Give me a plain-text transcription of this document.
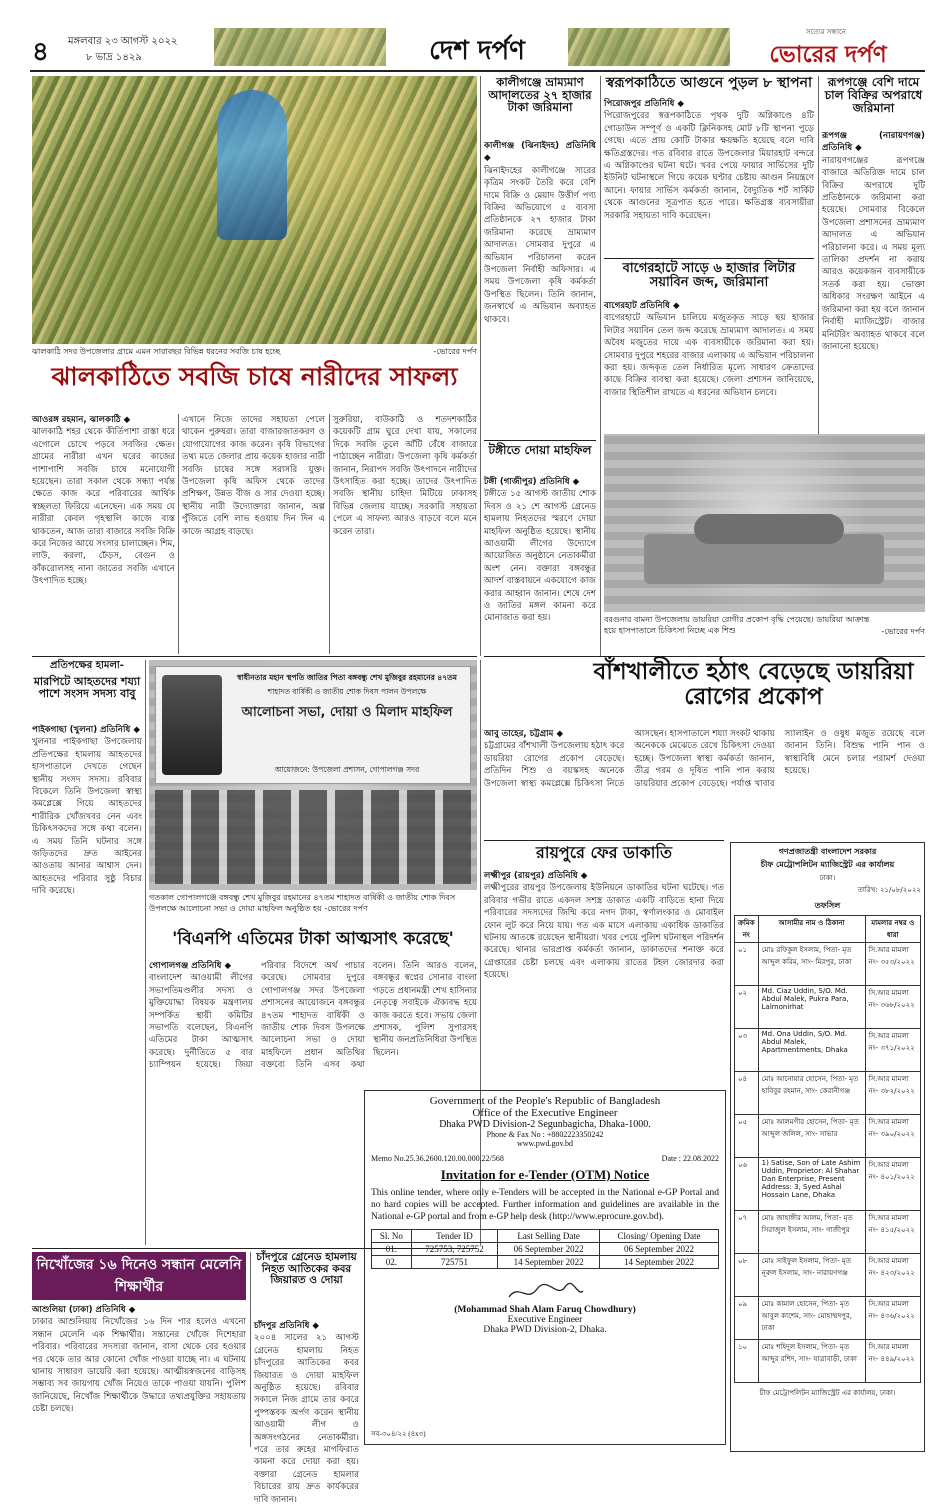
৪	মঙ্গলবার ২৩ আগস্ট ২০২২
৮ ভাদ্র ১৪২৯	দেশ দর্পণ
সত্যের সন্ধানে
ভোরের দর্পণ
ঝালকাঠি সদর উপজেলার গ্রামে এমন সারাবছর বিভিন্ন ধরনের সবজি চাষ হচ্ছে	-ভোরের দর্পণ
ঝালকাঠিতে সবজি চাষে নারীদের সাফল্য
আওরঙ্গ রহমান, ঝালকাঠি ◆
ঝালকাঠি শহর থেকে কীর্তিপাশা রাস্তা ধরে এগোলে চোখে পড়বে সবজির ক্ষেত। গ্রামের নারীরা এখন ঘরের কাজের পাশাপাশি সবজি চাষে মনোযোগী হয়েছেন। তারা সকাল থেকে সন্ধ্যা পর্যন্ত ক্ষেতে কাজ করে পরিবারের আর্থিক স্বচ্ছলতা ফিরিয়ে এনেছেন। এক সময় যে নারীরা কেবল গৃহস্থালি কাজে ব্যস্ত থাকতেন, আজ তারা বাজারে সবজি বিক্রি করে নিজের আয়ে সংসার চালাচ্ছেন। শিম, লাউ, করলা, ঢেঁড়স, বেগুন ও কাঁকরোলসহ নানা জাতের সবজি এখানে উৎপাদিত হচ্ছে।
এখানে নিজে তাদের সহায়তা পেলে থাকেন পুরুষরা। তারা বাজারজাতকরণ ও যোগাযোগের কাজ করেন। কৃষি বিভাগের তথ্য মতে জেলার প্রায় কয়েক হাজার নারী সবজি চাষের সঙ্গে সরাসরি যুক্ত। উপজেলা কৃষি অফিস থেকে তাদের প্রশিক্ষণ, উন্নত বীজ ও সার দেওয়া হচ্ছে। স্থানীয় নারী উদ্যোক্তারা জানান, অল্প পুঁজিতে বেশি লাভ হওয়ায় দিন দিন এ কাজে আগ্রহ বাড়ছে।
সুরুরিয়া, বাউকাঠি ও শতদশকাঠির কয়েকটি গ্রাম ঘুরে দেখা যায়, সকালের দিকে সবজি তুলে আঁটি বেঁধে বাজারে পাঠাচ্ছেন নারীরা। উপজেলা কৃষি কর্মকর্তা জানান, নিরাপদ সবজি উৎপাদনে নারীদের উৎসাহিত করা হচ্ছে। তাদের উৎপাদিত সবজি স্থানীয় চাহিদা মিটিয়ে ঢাকাসহ বিভিন্ন জেলায় যাচ্ছে। সরকারি সহায়তা পেলে এ সাফল্য আরও বাড়বে বলে মনে করেন তারা।
কালীগঞ্জে ভ্রাম্যমাণ আদালতের ২৭ হাজার টাকা জরিমানা
কালীগঞ্জ (ঝিনাইদহ) প্রতিনিধি ◆
ঝিনাইদহের কালীগঞ্জে সারের কৃত্রিম সংকট তৈরি করে বেশি দামে বিক্রি ও মেয়াদ উত্তীর্ণ পণ্য বিক্রির অভিযোগে ৫ ব্যবসা প্রতিষ্ঠানকে ২৭ হাজার টাকা জরিমানা করেছে ভ্রাম্যমাণ আদালত। সোমবার দুপুরে এ অভিযান পরিচালনা করেন উপজেলা নির্বাহী অফিসার। এ সময় উপজেলা কৃষি কর্মকর্তা উপস্থিত ছিলেন। তিনি জানান, জনস্বার্থে এ অভিযান অব্যাহত থাকবে।
টঙ্গীতে দোয়া মাহফিল
টঙ্গী (গাজীপুর) প্রতিনিধি ◆
টঙ্গীতে ১৫ আগস্ট জাতীয় শোক দিবস ও ২১ শে আগস্ট গ্রেনেড হামলায় নিহতদের স্মরণে দোয়া মাহফিল অনুষ্ঠিত হয়েছে। স্থানীয় আওয়ামী লীগের উদ্যোগে আয়োজিত অনুষ্ঠানে নেতাকর্মীরা অংশ নেন। বক্তারা বঙ্গবন্ধুর আদর্শ বাস্তবায়নে একযোগে কাজ করার আহ্বান জানান। শেষে দেশ ও জাতির মঙ্গল কামনা করে মোনাজাত করা হয়।
স্বরূপকাঠিতে আগুনে পুড়ল ৮ স্থাপনা
পিরোজপুর প্রতিনিধি ◆
পিরোজপুরের স্বরূপকাঠিতে পৃথক দুটি অগ্নিকাণ্ডে ৪টি গোডাউন সম্পূর্ণ ও একটি ক্লিনিকসহ মোট ৮টি স্থাপনা পুড়ে গেছে। এতে প্রায় কোটি টাকার ক্ষয়ক্ষতি হয়েছে বলে দাবি ক্ষতিগ্রস্তদের। গত রবিবার রাতে উপজেলার মিয়ারহাট বন্দরে এ অগ্নিকাণ্ডের ঘটনা ঘটে। খবর পেয়ে ফায়ার সার্ভিসের দুটি ইউনিট ঘটনাস্থলে গিয়ে কয়েক ঘণ্টার চেষ্টায় আগুন নিয়ন্ত্রণে আনে। ফায়ার সার্ভিস কর্মকর্তা জানান, বৈদ্যুতিক শর্ট সার্কিট থেকে আগুনের সূত্রপাত হতে পারে। ক্ষতিগ্রস্ত ব্যবসায়ীরা সরকারি সহায়তা দাবি করেছেন।
বাগেরহাটে সাড়ে ৬ হাজার লিটার সয়াবিন জব্দ, জরিমানা
বাগেরহাট প্রতিনিধি ◆
বাগেরহাটে অভিযান চালিয়ে মজুতকৃত সাড়ে ছয় হাজার লিটার সয়াবিন তেল জব্দ করেছে ভ্রাম্যমাণ আদালত। এ সময় অবৈধ মজুতের দায়ে এক ব্যবসায়ীকে জরিমানা করা হয়। সোমবার দুপুরে শহরের বাজার এলাকায় এ অভিযান পরিচালনা করা হয়। জব্দকৃত তেল নির্ধারিত মূল্যে সাধারণ ক্রেতাদের কাছে বিক্রির ব্যবস্থা করা হয়েছে। জেলা প্রশাসন জানিয়েছে, বাজার স্থিতিশীল রাখতে এ ধরনের অভিযান চলবে।
রূপগঞ্জে বেশি দামে চাল বিক্রির অপরাধে জরিমানা
রূপগঞ্জ (নারায়ণগঞ্জ) প্রতিনিধি ◆
নারায়ণগঞ্জের রূপগঞ্জে বাজারে অতিরিক্ত দামে চাল বিক্রির অপরাধে দুটি প্রতিষ্ঠানকে জরিমানা করা হয়েছে। সোমবার বিকেলে উপজেলা প্রশাসনের ভ্রাম্যমাণ আদালত এ অভিযান পরিচালনা করে। এ সময় মূল্য তালিকা প্রদর্শন না করায় আরও কয়েকজন ব্যবসায়ীকে সতর্ক করা হয়। ভোক্তা অধিকার সংরক্ষণ আইনে এ জরিমানা করা হয় বলে জানান নির্বাহী ম্যাজিস্ট্রেট। বাজার মনিটরিং অব্যাহত থাকবে বলে জানানো হয়েছে।
বরগুনার বামনা উপজেলায় ডায়রিয়া রোগীর প্রকোপ বৃদ্ধি পেয়েছে। ডায়রিয়া আক্রান্ত হয়ে হাসপাতালে চিকিৎসা নিচ্ছে এক শিশু	-ভোরের দর্পণ
বাঁশখালীতে হঠাৎ বেড়েছে ডায়রিয়া রোগের প্রকোপ
আবু তাহের, চট্টগ্রাম ◆
চট্টগ্রামের বাঁশখালী উপজেলায় হঠাৎ করে ডায়রিয়া রোগের প্রকোপ বেড়েছে। প্রতিদিন শিশু ও বয়স্কসহ অনেকে উপজেলা স্বাস্থ্য কমপ্লেক্সে চিকিৎসা নিতে আসছেন। হাসপাতালে শয্যা সংকট থাকায় অনেককে মেঝেতে রেখে চিকিৎসা দেওয়া হচ্ছে। উপজেলা স্বাস্থ্য কর্মকর্তা জানান, তীব্র গরম ও দূষিত পানি পান করায় ডায়রিয়ার প্রকোপ বেড়েছে। পর্যাপ্ত খাবার স্যালাইন ও ওষুধ মজুত রয়েছে বলে জানান তিনি। বিশুদ্ধ পানি পান ও স্বাস্থ্যবিধি মেনে চলার পরামর্শ দেওয়া হয়েছে।
প্রতিপক্ষের হামলা-
মারপিটে আহতদের শয্যা পাশে সংসদ সদস্য বাবু
পাইকগাছা (খুলনা) প্রতিনিধি ◆
খুলনার পাইকগাছা উপজেলায় প্রতিপক্ষের হামলায় আহতদের হাসপাতালে দেখতে গেছেন স্থানীয় সংসদ সদস্য। রবিবার বিকেলে তিনি উপজেলা স্বাস্থ্য কমপ্লেক্সে গিয়ে আহতদের শারীরিক খোঁজখবর নেন এবং চিকিৎসকদের সঙ্গে কথা বলেন। এ সময় তিনি ঘটনার সঙ্গে জড়িতদের দ্রুত আইনের আওতায় আনার আশ্বাস দেন। আহতদের পরিবার সুষ্ঠু বিচার দাবি করেছে।
স্বাধীনতার মহান স্থপতি জাতির পিতা বঙ্গবন্ধু শেখ মুজিবুর রহমানের ৪৭তম
শাহাদত বার্ষিকী ও জাতীয় শোক দিবস পালন উপলক্ষে
আলোচনা সভা, দোয়া ও মিলাদ মাহফিল
আয়োজনে: উপজেলা প্রশাসন, গোপালগঞ্জ সদর
গতকাল গোপালগঞ্জে বঙ্গবন্ধু শেখ মুজিবুর রহমানের ৪৭তম শাহাদত বার্ষিকী ও জাতীয় শোক দিবস উপলক্ষে আলোচনা সভা ও দোয়া মাহফিল অনুষ্ঠিত হয় -ভোরের দর্পণ
'বিএনপি এতিমের টাকা আত্মসাৎ করেছে'
গোপালগঞ্জ প্রতিনিধি ◆
বাংলাদেশ আওয়ামী লীগের সভাপতিমণ্ডলীর সদস্য ও মুক্তিযোদ্ধা বিষয়ক মন্ত্রণালয় সম্পর্কিত স্থায়ী কমিটির সভাপতি বলেছেন, বিএনপি এতিমের টাকা আত্মসাৎ করেছে। দুর্নীতিতে ৫ বার চ্যাম্পিয়ন হয়েছে। জিয়া পরিবার বিদেশে অর্থ পাচার করেছে। সোমবার দুপুরে গোপালগঞ্জ সদর উপজেলা প্রশাসনের আয়োজনে বঙ্গবন্ধুর ৪৭তম শাহাদত বার্ষিকী ও জাতীয় শোক দিবস উপলক্ষে আলোচনা সভা ও দোয়া মাহফিলে প্রধান অতিথির বক্তব্যে তিনি এসব কথা বলেন। তিনি আরও বলেন, বঙ্গবন্ধুর স্বপ্নের সোনার বাংলা গড়তে প্রধানমন্ত্রী শেখ হাসিনার নেতৃত্বে সবাইকে ঐক্যবদ্ধ হয়ে কাজ করতে হবে। সভায় জেলা প্রশাসক, পুলিশ সুপারসহ স্থানীয় জনপ্রতিনিধিরা উপস্থিত ছিলেন।
রায়পুরে ফের ডাকাতি
লক্ষ্মীপুর (রায়পুর) প্রতিনিধি ◆
লক্ষ্মীপুরের রায়পুর উপজেলায় ইউনিয়নে ডাকাতির ঘটনা ঘটেছে। গত রবিবার গভীর রাতে একদল সশস্ত্র ডাকাত একটি বাড়িতে হানা দিয়ে পরিবারের সদস্যদের জিম্মি করে নগদ টাকা, স্বর্ণালংকার ও মোবাইল ফোন লুট করে নিয়ে যায়। গত এক মাসে এলাকায় একাধিক ডাকাতির ঘটনায় আতঙ্কে রয়েছেন স্থানীয়রা। খবর পেয়ে পুলিশ ঘটনাস্থল পরিদর্শন করেছে। থানার ভারপ্রাপ্ত কর্মকর্তা জানান, ডাকাতদের শনাক্ত করে গ্রেপ্তারের চেষ্টা চলছে এবং এলাকায় রাতের টহল জোরদার করা হয়েছে।
গণপ্রজাতন্ত্রী বাংলাদেশ সরকার
চীফ মেট্রোপলিটন ম্যাজিস্ট্রেট এর কার্যালয়
ঢাকা।
তারিখ: ২১/০৮/২০২২
তফসিল
ক্রমিক নং	আসামীর নাম ও ঠিকানা	মামলার নম্বর ও ধারা
০১	মোঃ রফিকুল ইসলাম, পিতা- মৃত আব্দুল করিম, সাং- মিরপুর, ঢাকা	সি.আর মামলা নং- ৩৫৩/২০২২
০২	Md. Ciaz Uddin, S/O. Md. Abdul Malek, Pukra Para, Lalmonirhat	সি.আর মামলা নং- ৩৬৮/২০২২
০৩	Md. Ona Uddin, S/O. Md. Abdul Malek, Apartmentments, Dhaka	সি.আর মামলা নং- ৩৭১/২০২২
০৪	মোঃ আনোয়ার হোসেন, পিতা- মৃত হাবিবুর রহমান, সাং- কেরানীগঞ্জ	সি.আর মামলা নং- ৩৮২/২০২২
০৫	মোঃ আলমগীর হোসেন, পিতা- মৃত আব্দুল জলিল, সাং- সাভার	সি.আর মামলা নং- ৩৯০/২০২২
০৬	1) Satise, Son of Late Ashim Uddin, Proprietor: Al Shahar Dan Enterprise, Present Address: 3, Syed Ashal Hossain Lane, Dhaka	সি.আর মামলা নং- ৪০১/২০২২
০৭	মোঃ জাহাঙ্গীর আলম, পিতা- মৃত সিরাজুল ইসলাম, সাং- গাজীপুর	সি.আর মামলা নং- ৪১৫/২০২২
০৮	মোঃ সাইফুল ইসলাম, পিতা- মৃত নূরুল ইসলাম, সাং- নারায়ণগঞ্জ	সি.আর মামলা নং- ৪২৩/২০২২
০৯	মোঃ কামাল হোসেন, পিতা- মৃত আবুল কাশেম, সাং- মোহাম্মদপুর, ঢাকা	সি.আর মামলা নং- ৪৩৬/২০২২
১০	মোঃ শহিদুল ইসলাম, পিতা- মৃত আব্দুর রশিদ, সাং- যাত্রাবাড়ী, ঢাকা	সি.আর মামলা নং- ৪৪৯/২০২২
চীফ মেট্রোপলিটন ম্যাজিস্ট্রেট এর কার্যালয়, ঢাকা।
নিখোঁজের ১৬ দিনেও সন্ধান মেলেনি শিক্ষার্থীর
আশুলিয়া (ঢাকা) প্রতিনিধি ◆
ঢাকার আশুলিয়ায় নিখোঁজের ১৬ দিন পার হলেও এখনো সন্ধান মেলেনি এক শিক্ষার্থীর। সন্তানের খোঁজে দিশেহারা পরিবার। পরিবারের সদস্যরা জানান, বাসা থেকে বের হওয়ার পর থেকে তার আর কোনো খোঁজ পাওয়া যাচ্ছে না। এ ঘটনায় থানায় সাধারণ ডায়েরি করা হয়েছে। আত্মীয়স্বজনের বাড়িসহ সম্ভাব্য সব জায়গায় খোঁজ নিয়েও তাকে পাওয়া যায়নি। পুলিশ জানিয়েছে, নিখোঁজ শিক্ষার্থীকে উদ্ধারে তথ্যপ্রযুক্তির সহায়তায় চেষ্টা চলছে।
চাঁদপুরে গ্রেনেড হামলায় নিহত আতিকের কবর জিয়ারত ও দোয়া
চাঁদপুর প্রতিনিধি ◆
২০০৪ সালের ২১ আগস্ট গ্রেনেড হামলায় নিহত চাঁদপুরের আতিকের কবর জিয়ারত ও দোয়া মাহফিল অনুষ্ঠিত হয়েছে। রবিবার সকালে নিজ গ্রামে তার কবরে পুষ্পস্তবক অর্পণ করেন স্থানীয় আওয়ামী লীগ ও অঙ্গসংগঠনের নেতাকর্মীরা। পরে তার রুহের মাগফিরাত কামনা করে দোয়া করা হয়। বক্তারা গ্রেনেড হামলার বিচারের রায় দ্রুত কার্যকরের দাবি জানান।
Government of the People's Republic of Bangladesh
Office of the Executive Engineer
Dhaka PWD Division-2 Segunbagicha, Dhaka-1000.
Phone & Fax No : +8802223350242
www.pwd.gov.bd
Memo No.25.36.2600.120.00.000.22/568	Date : 22.08.2022
Invitation for e-Tender (OTM) Notice
This online tender, where only e-Tenders will be accepted in the National e-GP Portal and no hard copies will be accepted. Further information and guidelines are available in the National e-GP portal and from e-GP help desk (http://www.eprocure.gov.bd).
Sl. No	Tender ID	Last Selling Date	Closing/ Opening Date
01.	725753, 725752	06 September 2022	06 September 2022
02.	725751	14 September 2022	14 September 2022
(Mohammad Shah Alam Faruq Chowdhury)
Executive Engineer
Dhaka PWD Division-2, Dhaka.
সব-৩০৪/২২ (৪x৩)
